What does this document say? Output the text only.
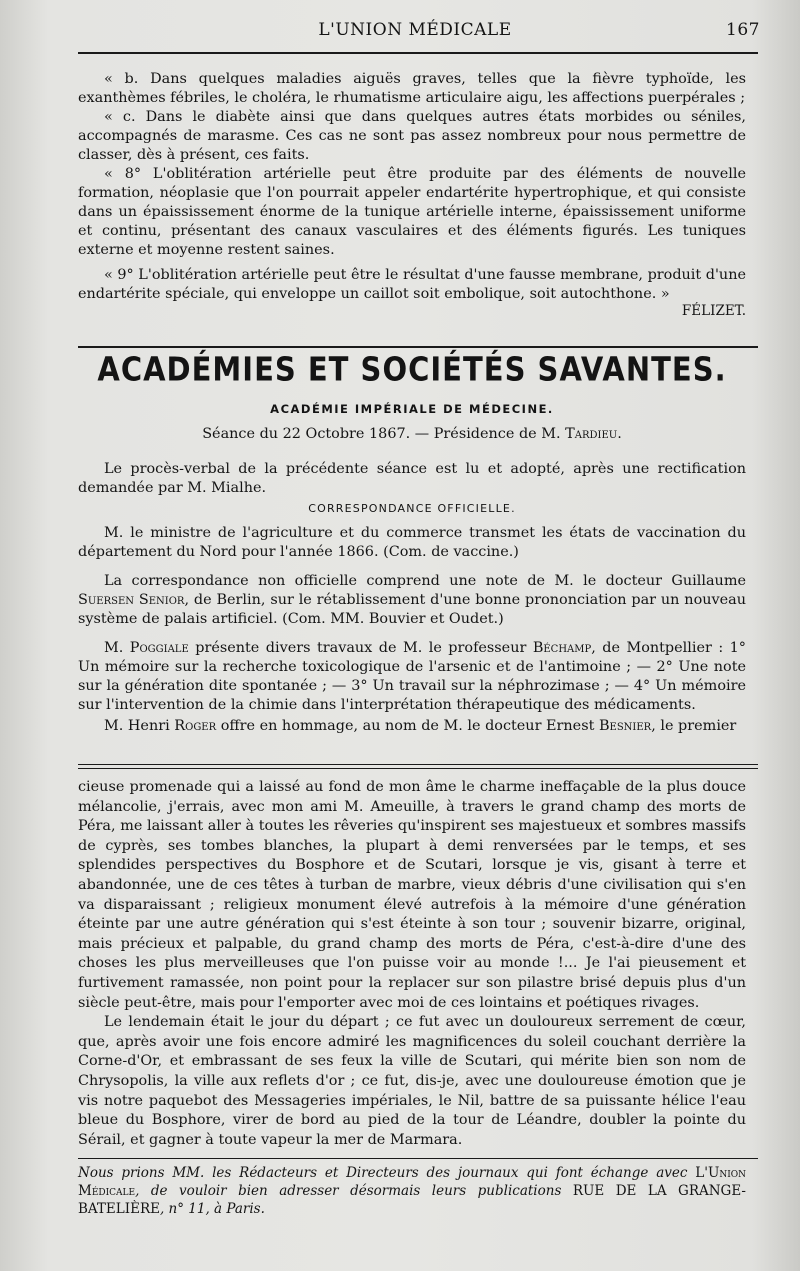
L'UNION MÉDICALE	167

« b. Dans quelques maladies aiguës graves, telles que la fièvre typhoïde, les exanthèmes fébriles, le choléra, le rhumatisme articulaire aigu, les affections puerpérales ;

« c. Dans le diabète ainsi que dans quelques autres états morbides ou séniles, accompagnés de marasme. Ces cas ne sont pas assez nombreux pour nous permettre de classer, dès à présent, ces faits.

« 8° L'oblitération artérielle peut être produite par des éléments de nouvelle formation, néoplasie que l'on pourrait appeler endartérite hypertrophique, et qui consiste dans un épaississement énorme de la tunique artérielle interne, épaississement uniforme et continu, présentant des canaux vasculaires et des éléments figurés. Les tuniques externe et moyenne restent saines.

« 9° L'oblitération artérielle peut être le résultat d'une fausse membrane, produit d'une endartérite spéciale, qui enveloppe un caillot soit embolique, soit autochthone. »

FÉLIZET.

ACADÉMIES ET SOCIÉTÉS SAVANTES.
ACADÉMIE IMPÉRIALE DE MÉDECINE.
Séance du 22 Octobre 1867. — Présidence de M. Tardieu.

Le procès-verbal de la précédente séance est lu et adopté, après une rectification demandée par M. Mialhe.

CORRESPONDANCE OFFICIELLE.

M. le ministre de l'agriculture et du commerce transmet les états de vaccination du département du Nord pour l'année 1866. (Com. de vaccine.)

La correspondance non officielle comprend une note de M. le docteur Guillaume Suersen Senior, de Berlin, sur le rétablissement d'une bonne prononciation par un nouveau système de palais artificiel. (Com. MM. Bouvier et Oudet.)

M. Poggiale présente divers travaux de M. le professeur Béchamp, de Montpellier : 1° Un mémoire sur la recherche toxicologique de l'arsenic et de l'antimoine ; — 2° Une note sur la génération dite spontanée ; — 3° Un travail sur la néphrozimase ; — 4° Un mémoire sur l'intervention de la chimie dans l'interprétation thérapeutique des médicaments.

M. Henri Roger offre en hommage, au nom de M. le docteur Ernest Besnier, le premier

cieuse promenade qui a laissé au fond de mon âme le charme ineffaçable de la plus douce mélancolie, j'errais, avec mon ami M. Ameuille, à travers le grand champ des morts de Péra, me laissant aller à toutes les rêveries qu'inspirent ses majestueux et sombres massifs de cyprès, ses tombes blanches, la plupart à demi renversées par le temps, et ses splendides perspectives du Bosphore et de Scutari, lorsque je vis, gisant à terre et abandonnée, une de ces têtes à turban de marbre, vieux débris d'une civilisation qui s'en va disparaissant ; religieux monument élevé autrefois à la mémoire d'une génération éteinte par une autre génération qui s'est éteinte à son tour ; souvenir bizarre, original, mais précieux et palpable, du grand champ des morts de Péra, c'est-à-dire d'une des choses les plus merveilleuses que l'on puisse voir au monde !... Je l'ai pieusement et furtivement ramassée, non point pour la replacer sur son pilastre brisé depuis plus d'un siècle peut-être, mais pour l'emporter avec moi de ces lointains et poétiques rivages.

Le lendemain était le jour du départ ; ce fut avec un douloureux serrement de cœur, que, après avoir une fois encore admiré les magnificences du soleil couchant derrière la Corne-d'Or, et embrassant de ses feux la ville de Scutari, qui mérite bien son nom de Chrysopolis, la ville aux reflets d'or ; ce fut, dis-je, avec une douloureuse émotion que je vis notre paquebot des Messageries impériales, le Nil, battre de sa puissante hélice l'eau bleue du Bosphore, virer de bord au pied de la tour de Léandre, doubler la pointe du Sérail, et gagner à toute vapeur la mer de Marmara.

Nous prions MM. les Rédacteurs et Directeurs des journaux qui font échange avec L'Union Médicale, de vouloir bien adresser désormais leurs publications RUE DE LA GRANGE-BATELIÈRE, n° 11, à Paris.
